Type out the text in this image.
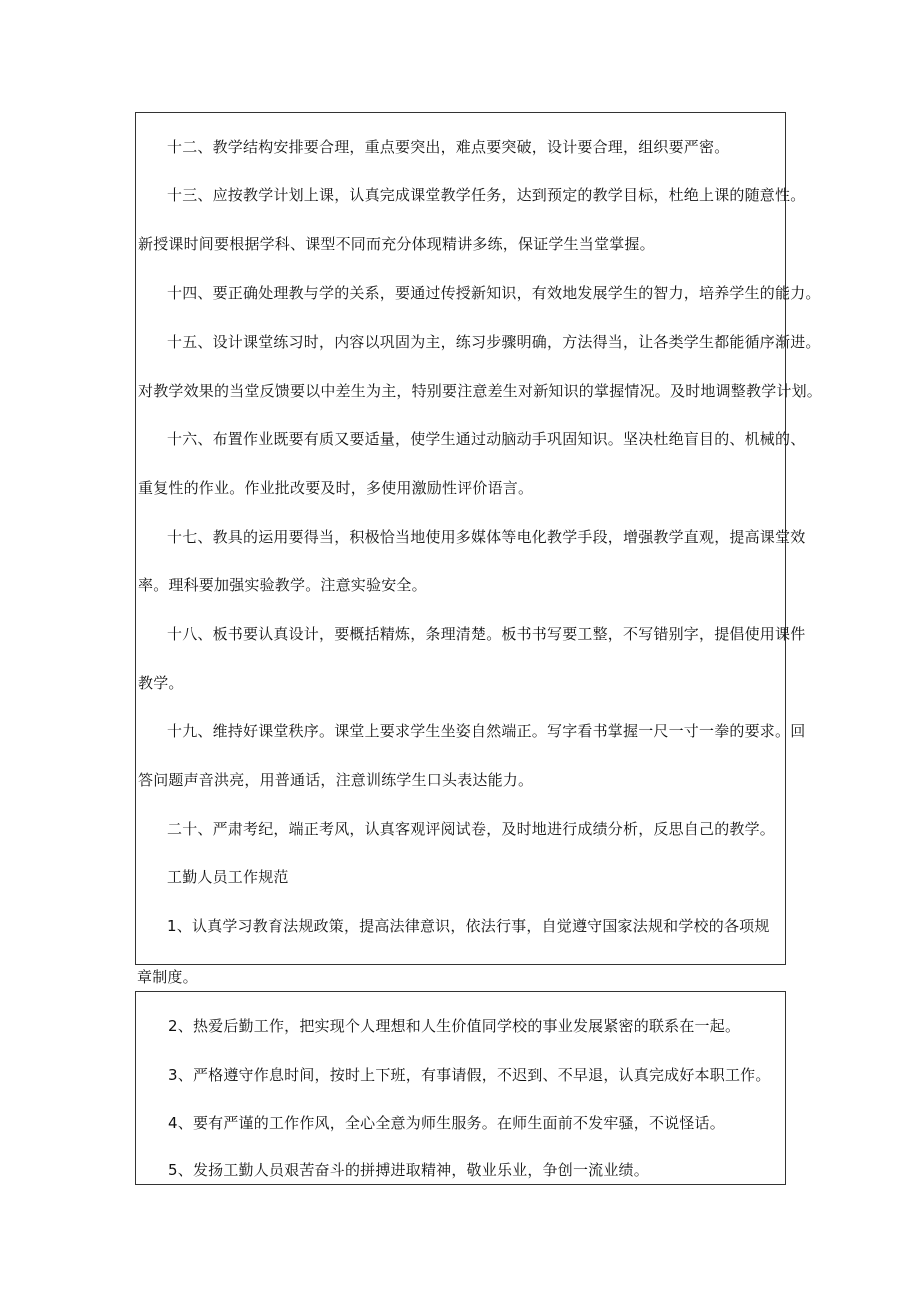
十二、教学结构安排要合理，重点要突出，难点要突破，设计要合理，组织要严密。
十三、应按教学计划上课，认真完成课堂教学任务，达到预定的教学目标，杜绝上课的随意性。
新授课时间要根据学科、课型不同而充分体现精讲多练，保证学生当堂掌握。
十四、要正确处理教与学的关系，要通过传授新知识，有效地发展学生的智力，培养学生的能力。
十五、设计课堂练习时，内容以巩固为主，练习步骤明确，方法得当，让各类学生都能循序渐进。
对教学效果的当堂反馈要以中差生为主，特别要注意差生对新知识的掌握情况。及时地调整教学计划。
十六、布置作业既要有质又要适量，使学生通过动脑动手巩固知识。坚决杜绝盲目的、机械的、
重复性的作业。作业批改要及时，多使用激励性评价语言。
十七、教具的运用要得当，积极恰当地使用多媒体等电化教学手段，增强教学直观，提高课堂效
率。理科要加强实验教学。注意实验安全。
十八、板书要认真设计，要概括精炼，条理清楚。板书书写要工整，不写错别字，提倡使用课件
教学。
十九、维持好课堂秩序。课堂上要求学生坐姿自然端正。写字看书掌握一尺一寸一拳的要求。回
答问题声音洪亮，用普通话，注意训练学生口头表达能力。
二十、严肃考纪，端正考风，认真客观评阅试卷，及时地进行成绩分析，反思自己的教学。
工勤人员工作规范
1、认真学习教育法规政策，提高法律意识，依法行事，自觉遵守国家法规和学校的各项规
章制度。
2、热爱后勤工作，把实现个人理想和人生价值同学校的事业发展紧密的联系在一起。
3、严格遵守作息时间，按时上下班，有事请假，不迟到、不早退，认真完成好本职工作。
4、要有严谨的工作作风，全心全意为师生服务。在师生面前不发牢骚，不说怪话。
5、发扬工勤人员艰苦奋斗的拼搏进取精神，敬业乐业，争创一流业绩。
